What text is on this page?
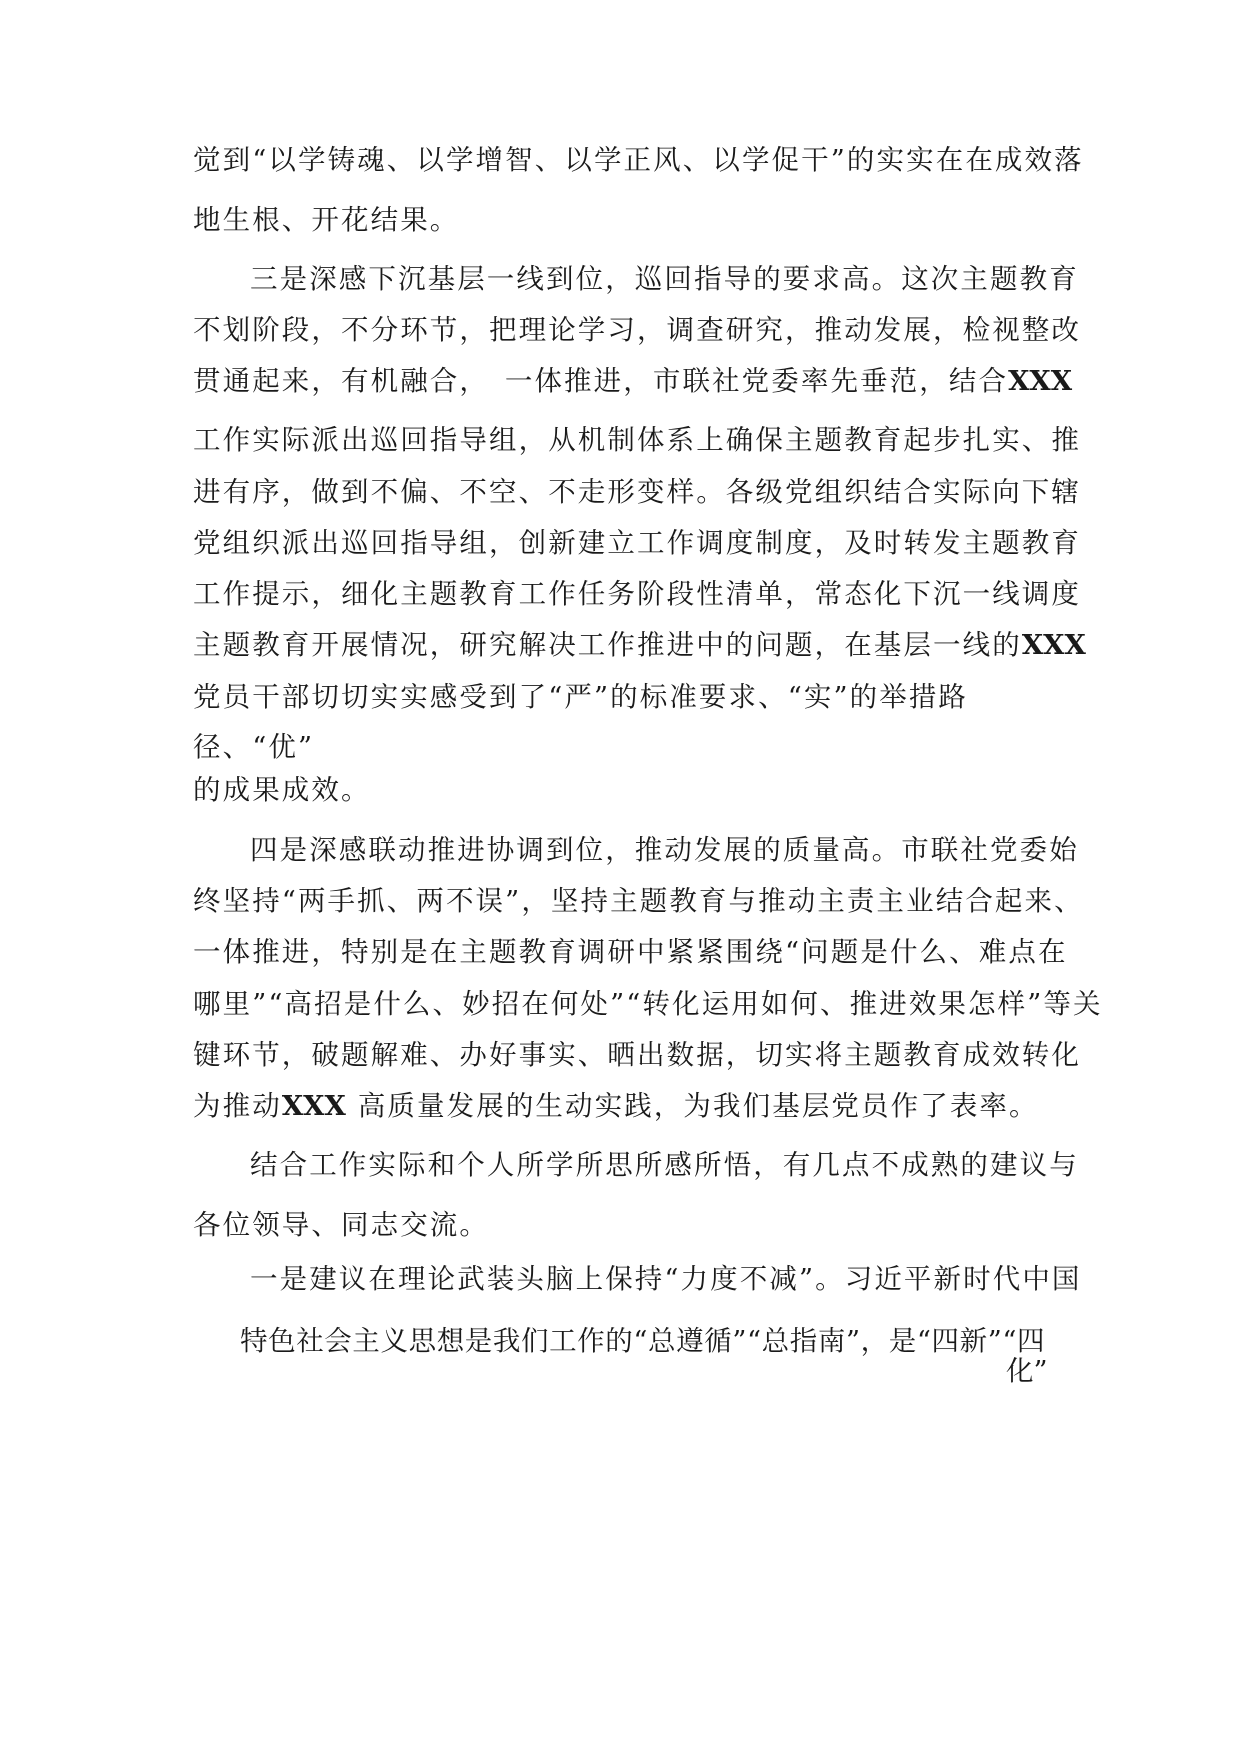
觉到“以学铸魂、以学增智、以学正风、以学促干”的实实在在成效落
地生根、开花结果。
三是深感下沉基层一线到位，巡回指导的要求高。这次主题教育
不划阶段，不分环节，把理论学习，调查研究，推动发展，检视整改
贯通起来，有机融合，　一体推进，市联社党委率先垂范，结合XXX
工作实际派出巡回指导组，从机制体系上确保主题教育起步扎实、推
进有序，做到不偏、不空、不走形变样。各级党组织结合实际向下辖
党组织派出巡回指导组，创新建立工作调度制度，及时转发主题教育
工作提示，细化主题教育工作任务阶段性清单，常态化下沉一线调度
主题教育开展情况，研究解决工作推进中的问题，在基层一线的XXX
党员干部切切实实感受到了“严”的标准要求、“实”的举措路
径、“优”
的成果成效。
四是深感联动推进协调到位，推动发展的质量高。市联社党委始
终坚持“两手抓、两不误”，坚持主题教育与推动主责主业结合起来、
一体推进，特别是在主题教育调研中紧紧围绕“问题是什么、难点在
哪里”“高招是什么、妙招在何处”“转化运用如何、推进效果怎样”等关
键环节，破题解难、办好事实、晒出数据，切实将主题教育成效转化
为推动XXX 高质量发展的生动实践，为我们基层党员作了表率。
结合工作实际和个人所学所思所感所悟，有几点不成熟的建议与
各位领导、同志交流。
一是建议在理论武装头脑上保持“力度不减”。习近平新时代中国
特色社会主义思想是我们工作的“总遵循”“总指南”，是“四新”“四
化”
